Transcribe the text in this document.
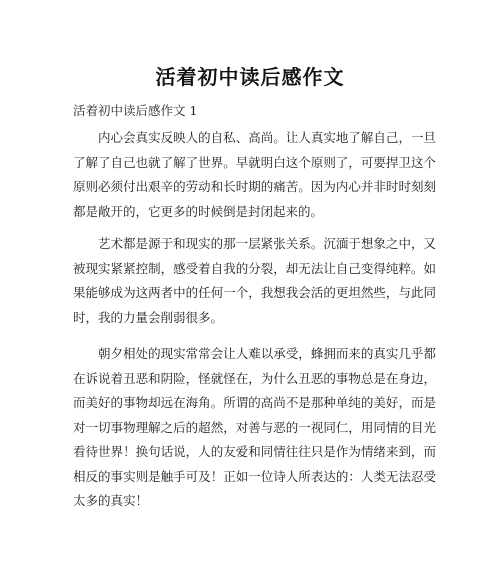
活着初中读后感作文
活着初中读后感作文 1

内心会真实反映人的自私、高尚。让人真实地了解自己，一旦了解了自己也就了解了世界。早就明白这个原则了，可要捍卫这个原则必须付出艰辛的劳动和长时期的痛苦。因为内心并非时时刻刻都是敞开的，它更多的时候倒是封闭起来的。

艺术都是源于和现实的那一层紧张关系。沉湎于想象之中，又被现实紧紧控制，感受着自我的分裂，却无法让自己变得纯粹。如果能够成为这两者中的任何一个，我想我会活的更坦然些，与此同时，我的力量会削弱很多。

朝夕相处的现实常常会让人难以承受，蜂拥而来的真实几乎都在诉说着丑恶和阴险，怪就怪在，为什么丑恶的事物总是在身边，而美好的事物却远在海角。所谓的高尚不是那种单纯的美好，而是对一切事物理解之后的超然，对善与恶的一视同仁，用同情的目光看待世界！换句话说，人的友爱和同情往往只是作为情绪来到，而相反的事实则是触手可及！正如一位诗人所表达的：人类无法忍受太多的真实！
